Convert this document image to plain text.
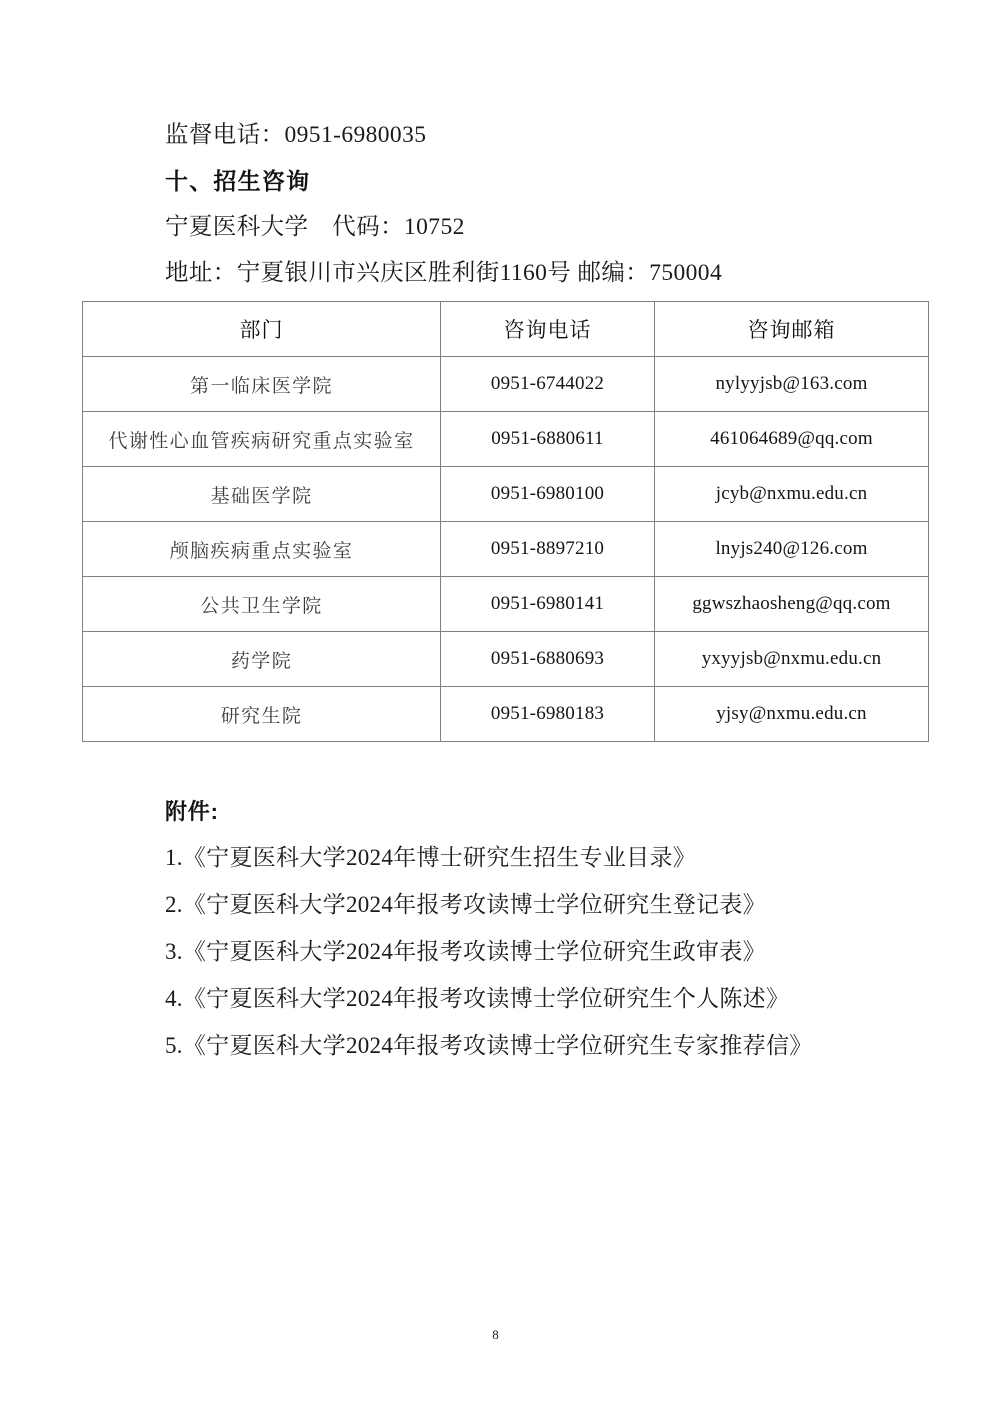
监督电话：0951-6980035
十、招生咨询
宁夏医科大学　代码：10752
地址：宁夏银川市兴庆区胜利街1160号 邮编：750004
部门	咨询电话	咨询邮箱
第一临床医学院	0951-6744022	nylyyjsb@163.com
代谢性心血管疾病研究重点实验室	0951-6880611	461064689@qq.com
基础医学院	0951-6980100	jcyb@nxmu.edu.cn
颅脑疾病重点实验室	0951-8897210	lnyjs240@126.com
公共卫生学院	0951-6980141	ggwszhaosheng@qq.com
药学院	0951-6880693	yxyyjsb@nxmu.edu.cn
研究生院	0951-6980183	yjsy@nxmu.edu.cn
附件:
1.《宁夏医科大学2024年博士研究生招生专业目录》
2.《宁夏医科大学2024年报考攻读博士学位研究生登记表》
3.《宁夏医科大学2024年报考攻读博士学位研究生政审表》
4.《宁夏医科大学2024年报考攻读博士学位研究生个人陈述》
5.《宁夏医科大学2024年报考攻读博士学位研究生专家推荐信》
8
